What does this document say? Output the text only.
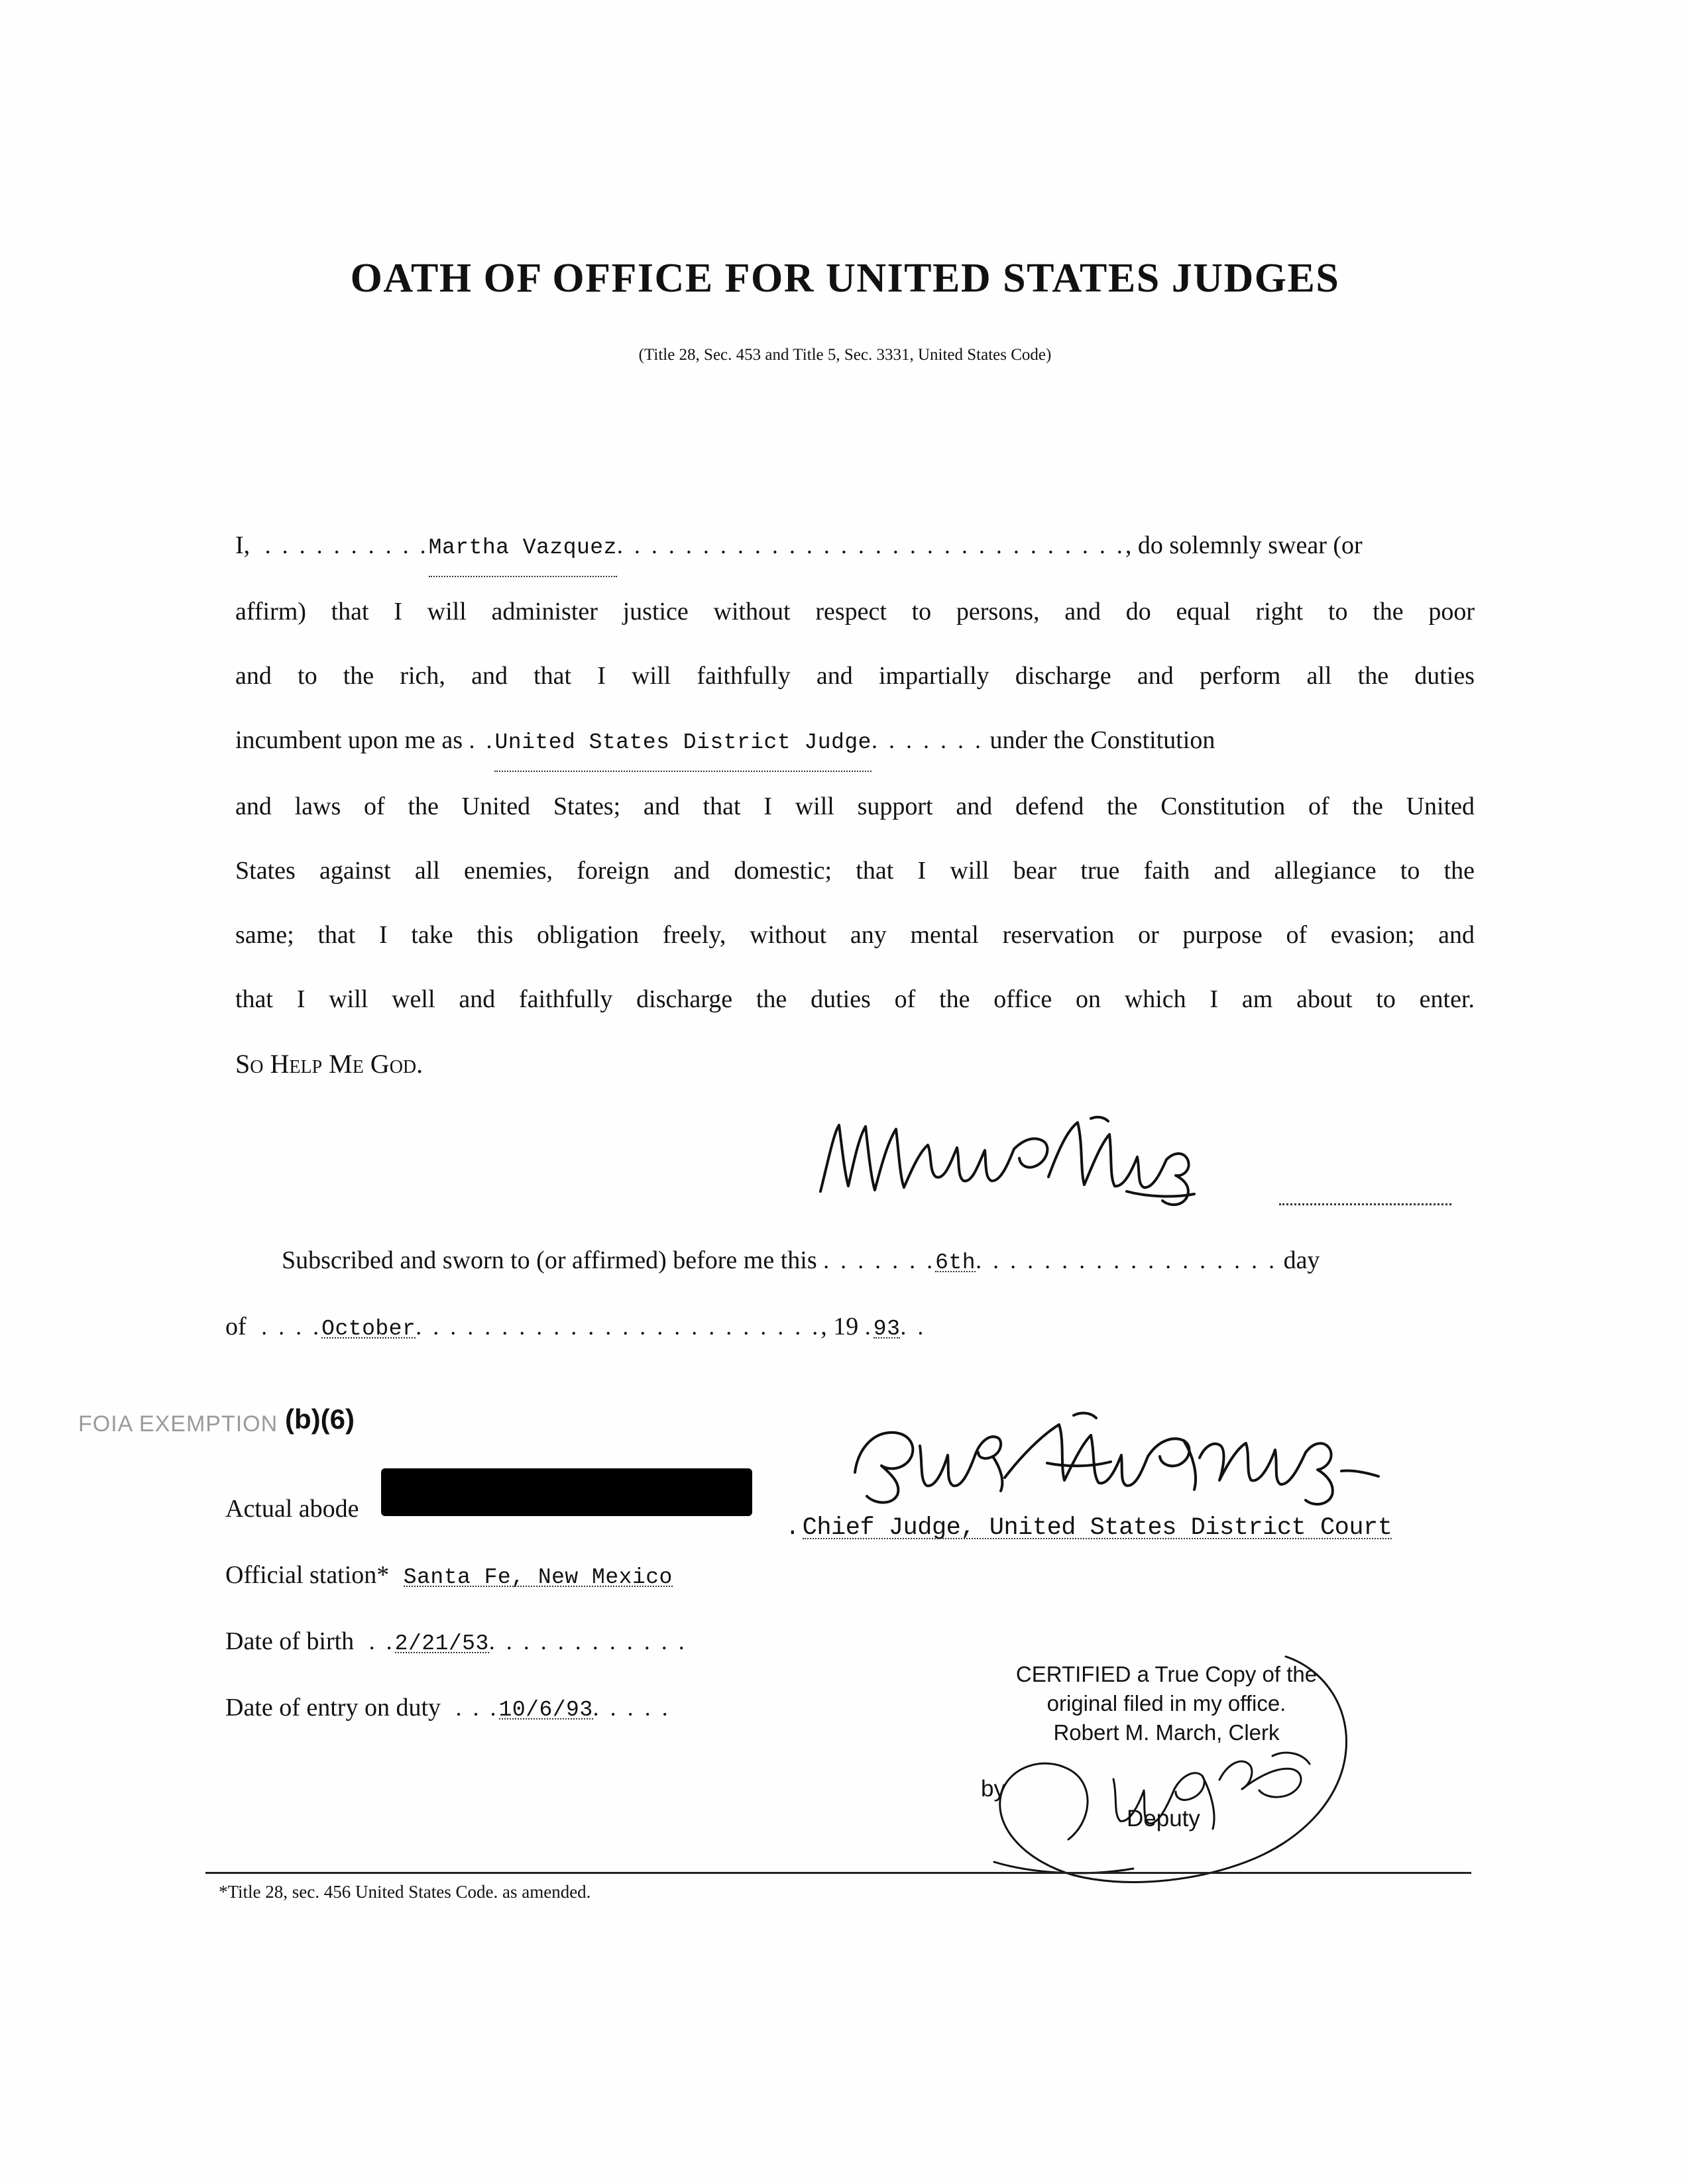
OATH OF OFFICE FOR UNITED STATES JUDGES
(Title 28, Sec. 453 and Title 5, Sec. 3331, United States Code)
I,  . . . . . . . . . .Martha Vazquez. . . . . . . . . . . . . . . . . . . . . . . . . . . . . ., do solemnly swear (or
affirm) that I will administer justice without respect to persons, and do equal right to the poor
and to the rich, and that I will faithfully and impartially discharge and perform all the duties
incumbent upon me as . .United States District Judge. . . . . . . under the Constitution
and laws of the United States; and that I will support and defend the Constitution of the United
States against all enemies, foreign and domestic; that I will bear true faith and allegiance to the
same; that I take this obligation freely, without any mental reservation or purpose of evasion; and
that I will well and faithfully discharge the duties of the office on which I am about to enter.
So Help Me God.
Subscribed and sworn to (or affirmed) before me this . . . . . . .6th. . . . . . . . . . . . . . . . . . day
of  . . . .October. . . . . . . . . . . . . . . . . . . . . . . ., 19 .93. .
FOIA EXEMPTION (b)(6)
Actual abode
Official station* Santa Fe, New Mexico
Date of birth  . .2/21/53. . . . . . . . . . . .
Date of entry on duty  . . .10/6/93. . . . .
.Chief Judge, United States District Court
CERTIFIED a True Copy of the
original filed in my office.
Robert M. March, Clerk
by
Deputy
*Title 28, sec. 456 United States Code. as amended.
